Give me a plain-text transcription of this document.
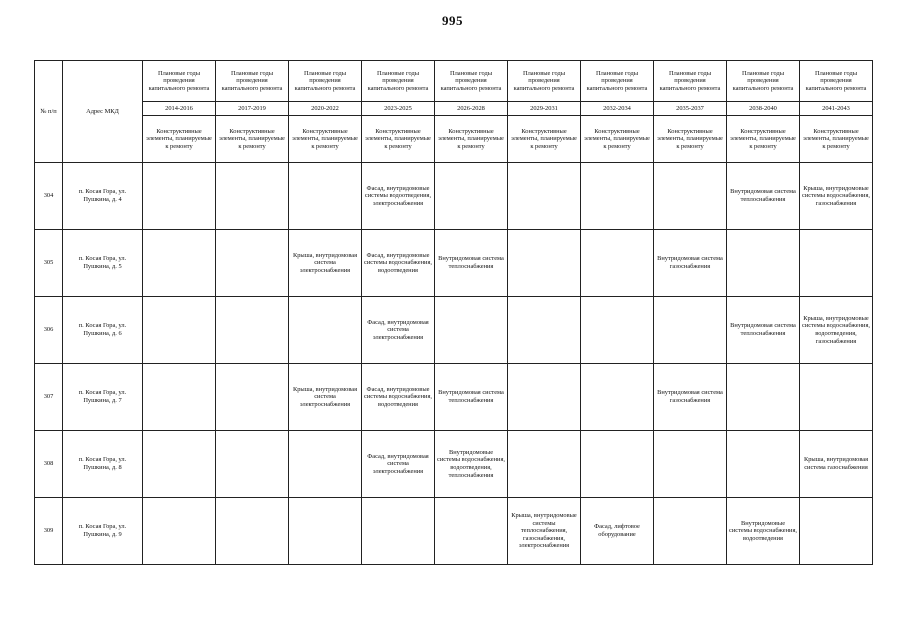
995
№ п/п	Адрес МКД	Плановые годы проведения капитального ремонта	Плановые годы проведения капитального ремонта	Плановые годы проведения капитального ремонта	Плановые годы проведения капитального ремонта	Плановые годы проведения капитального ремонта	Плановые годы проведения капитального ремонта	Плановые годы проведения капитального ремонта	Плановые годы проведения капитального ремонта	Плановые годы проведения капитального ремонта	Плановые годы проведения капитального ремонта
		2014-2016	2017-2019	2020-2022	2023-2025	2026-2028	2029-2031	2032-2034	2035-2037	2038-2040	2041-2043
		Конструктивные элементы, планируемые к ремонту	Конструктивные элементы, планируемые к ремонту	Конструктивные элементы, планируемые к ремонту	Конструктивные элементы, планируемые к ремонту	Конструктивные элементы, планируемые к ремонту	Конструктивные элементы, планируемые к ремонту	Конструктивные элементы, планируемые к ремонту	Конструктивные элементы, планируемые к ремонту	Конструктивные элементы, планируемые к ремонту	Конструктивные элементы, планируемые к ремонту
304	п. Косая Гора, ул. Пушкина, д. 4				Фасад, внутридомовые системы водоотведения, электроснабжения					Внутридомовая система теплоснабжения	Крыша, внутридомовые системы водоснабжения, газоснабжения
305	п. Косая Гора, ул. Пушкина, д. 5			Крыша, внутридомовая система электроснабжения	Фасад, внутридомовые системы водоснабжения, водоотведения	Внутридомовая система теплоснабжения			Внутридомовая система газоснабжения		
306	п. Косая Гора, ул. Пушкина, д. 6				Фасад, внутридомовая система электроснабжения					Внутридомовая система теплоснабжения	Крыша, внутридомовые системы водоснабжения, водоотведения, газоснабжения
307	п. Косая Гора, ул. Пушкина, д. 7			Крыша, внутридомовая система электроснабжения	Фасад, внутридомовые системы водоснабжения, водоотведения	Внутридомовая система теплоснабжения			Внутридомовая система газоснабжения		
308	п. Косая Гора, ул. Пушкина, д. 8				Фасад, внутридомовая система электроснабжения	Внутридомовые системы водоснабжения, водоотведения, теплоснабжения					Крыша, внутридомовая система газоснабжения
309	п. Косая Гора, ул. Пушкина, д. 9						Крыша, внутридомовые системы теплоснабжения, газоснабжения, электроснабжения	Фасад, лифтовое оборудование		Внутридомовые системы водоснабжения, водоотведения	
